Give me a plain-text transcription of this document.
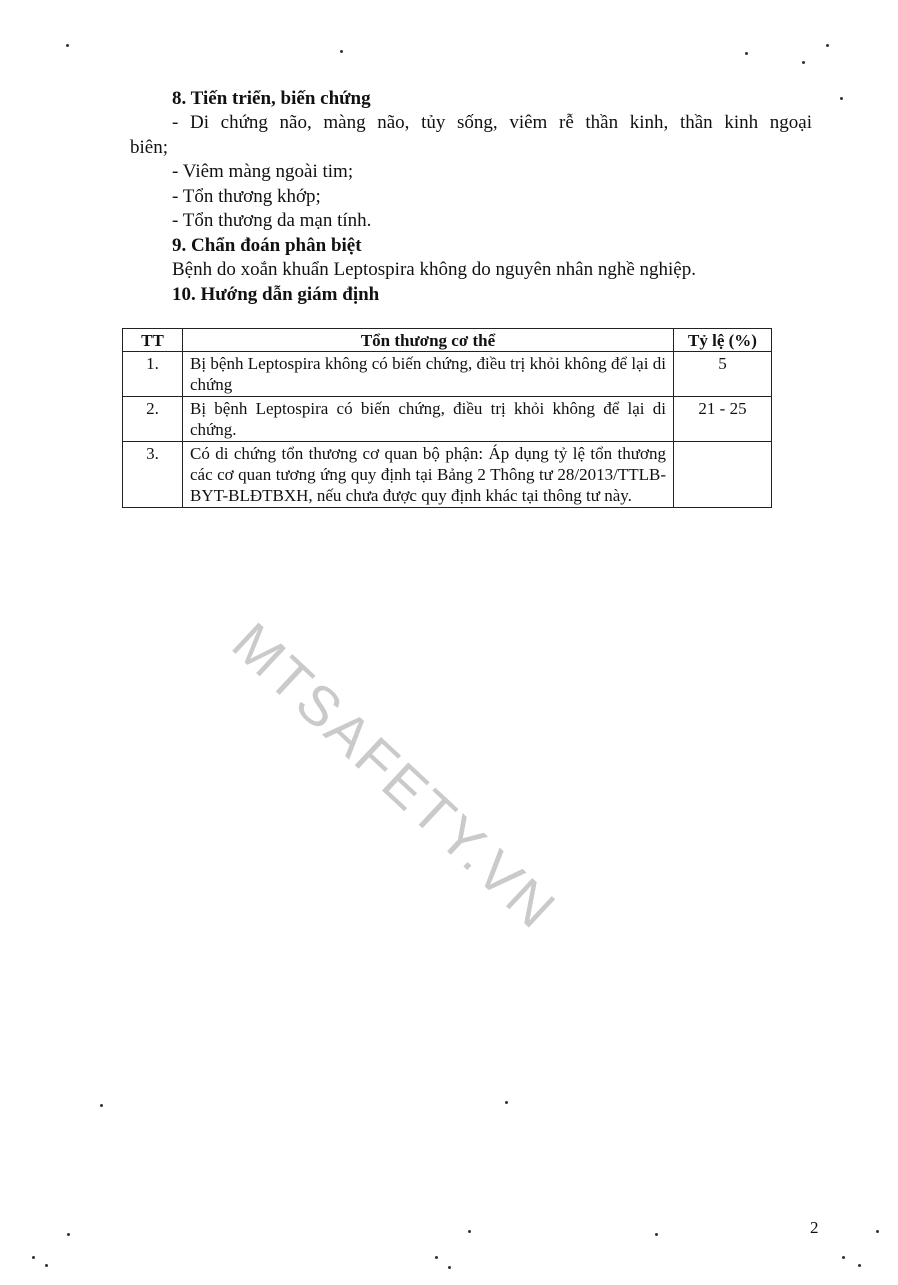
8. Tiến triển, biến chứng
- Di chứng não, màng não, tủy sống, viêm rễ thần kinh, thần kinh ngoại
biên;
- Viêm màng ngoài tim;
- Tổn thương khớp;
- Tổn thương da mạn tính.
9. Chẩn đoán phân biệt
Bệnh do xoắn khuẩn Leptospira không do nguyên nhân nghề nghiệp.
10. Hướng dẫn giám định
TT	Tổn thương cơ thể	Tỷ lệ (%)
1.	Bị bệnh Leptospira không có biến chứng, điều trị khỏi không để lại di chứng	5
2.	Bị bệnh Leptospira có biến chứng, điều trị khỏi không để lại di chứng.	21 - 25
3.	Có di chứng tổn thương cơ quan bộ phận: Áp dụng tỷ lệ tổn thương các cơ quan tương ứng quy định tại Bảng 2 Thông tư 28/2013/TTLB-BYT-BLĐTBXH, nếu chưa được quy định khác tại thông tư này.	
MTSAFETY.VN
2
